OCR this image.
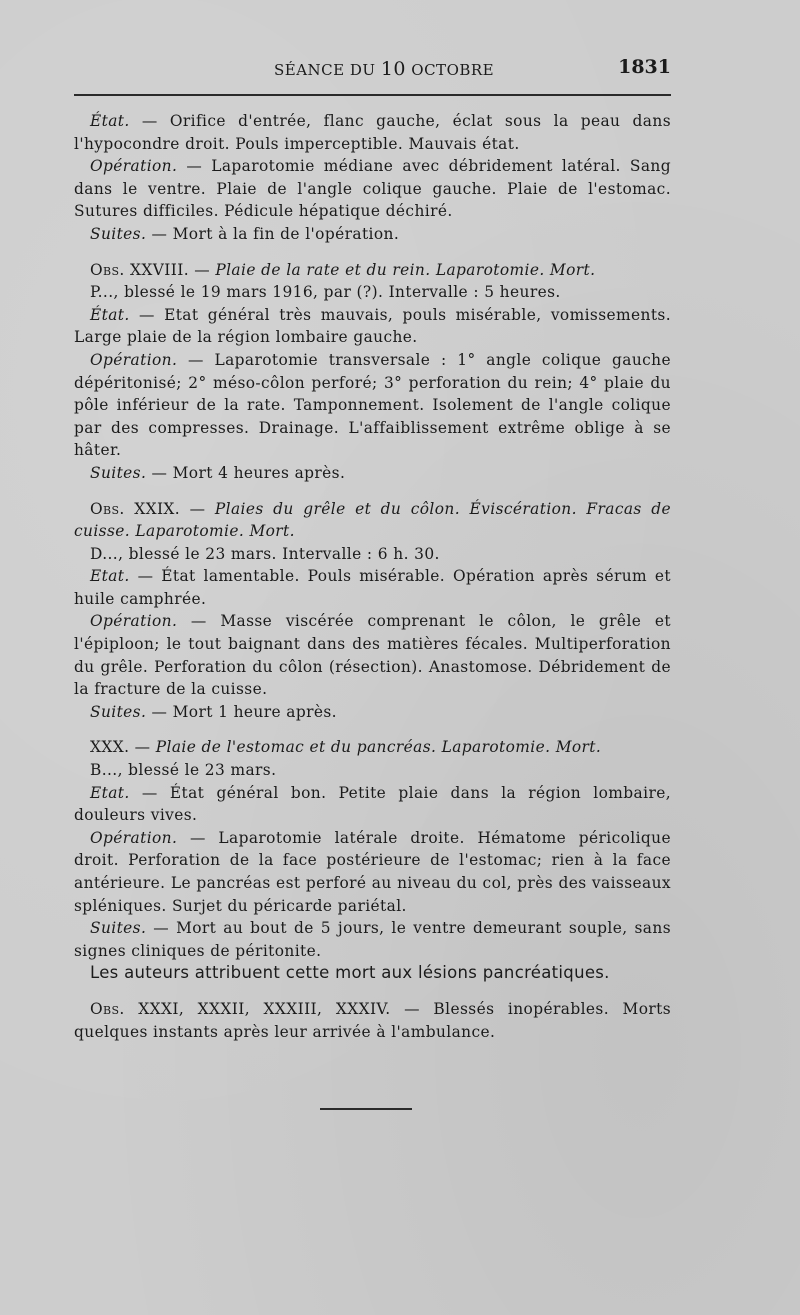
SÉANCE DU 10 OCTOBRE	1831

État. — Orifice d'entrée, flanc gauche, éclat sous la peau dans l'hypocondre droit. Pouls imperceptible. Mauvais état.

Opération. — Laparotomie médiane avec débridement latéral. Sang dans le ventre. Plaie de l'angle colique gauche. Plaie de l'estomac. Sutures difficiles. Pédicule hépatique déchiré.

Suites. — Mort à la fin de l'opération.

Obs. XXVIII. — Plaie de la rate et du rein. Laparotomie. Mort.

P..., blessé le 19 mars 1916, par (?). Intervalle : 5 heures.

État. — Etat général très mauvais, pouls misérable, vomissements. Large plaie de la région lombaire gauche.

Opération. — Laparotomie transversale : 1° angle colique gauche dépéritonisé; 2° méso-côlon perforé; 3° perforation du rein; 4° plaie du pôle inférieur de la rate. Tamponnement. Isolement de l'angle colique par des compresses. Drainage. L'affaiblissement extrême oblige à se hâter.

Suites. — Mort 4 heures après.

Obs. XXIX. — Plaies du grêle et du côlon. Éviscération. Fracas de cuisse. Laparotomie. Mort.

D..., blessé le 23 mars. Intervalle : 6 h. 30.

Etat. — État lamentable. Pouls misérable. Opération après sérum et huile camphrée.

Opération. — Masse viscérée comprenant le côlon, le grêle et l'épiploon; le tout baignant dans des matières fécales. Multiperforation du grêle. Perforation du côlon (résection). Anastomose. Débridement de la fracture de la cuisse.

Suites. — Mort 1 heure après.

XXX. — Plaie de l'estomac et du pancréas. Laparotomie. Mort.

B..., blessé le 23 mars.

Etat. — État général bon. Petite plaie dans la région lombaire, douleurs vives.

Opération. — Laparotomie latérale droite. Hématome péricolique droit. Perforation de la face postérieure de l'estomac; rien à la face antérieure. Le pancréas est perforé au niveau du col, près des vaisseaux spléniques. Surjet du péricarde pariétal.

Suites. — Mort au bout de 5 jours, le ventre demeurant souple, sans signes cliniques de péritonite.

Les auteurs attribuent cette mort aux lésions pancréatiques.

Obs. XXXI, XXXII, XXXIII, XXXIV. — Blessés inopérables. Morts quelques instants après leur arrivée à l'ambulance.
